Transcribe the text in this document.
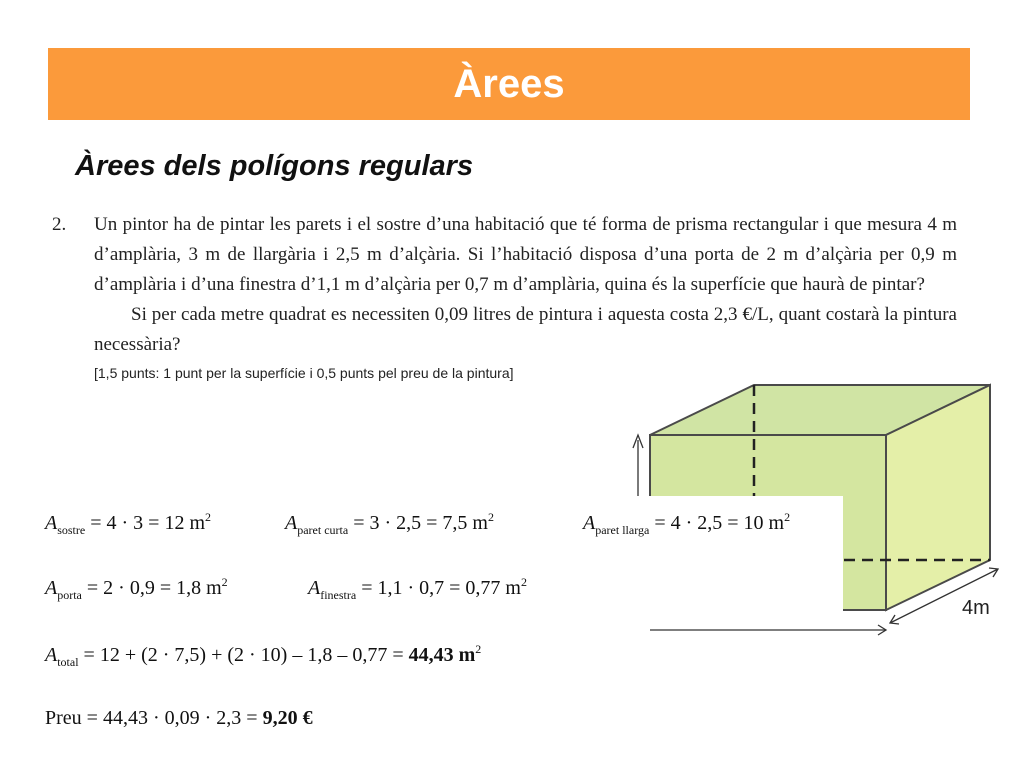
Àrees
Àrees dels polígons regulars
2. Un pintor ha de pintar les parets i el sostre d’una habitació que té forma de prisma rectangular i que mesura 4 m d’amplària, 3 m de llargària i 2,5 m d’alçària. Si l’habitació disposa d’una porta de 2 m d’alçària per 0,9 m d’amplària i d’una finestra d’1,1 m d’alçària per 0,7 m d’amplària, quina és la superfície que haurà de pintar?

Si per cada metre quadrat es necessiten 0,09 litres de pintura i aquesta costa 2,3 €/L, quant costarà la pintura necessària?

[1,5 punts: 1 punt per la superfície i 0,5 punts pel preu de la pintura]

4m
$A_{sostre} = 4 \cdot 3 = 12$ $m^2$	$A_{paret curta} = 3 \cdot 2,5 = 7,5$ $m^2$	$A_{paret llarga} = 4 \cdot 2,5 = 10$ $m^2$
$A_{porta} = 2 \cdot 0,9 = 1,8$ $m^2$	$A_{finestra} = 1,1 \cdot 0,7 = 0,77$ $m^2$
$A_{total} = 12 + (2 \cdot 7,5) + (2 \cdot 10) - 1,8 - 0,77 = 44,43$ $m^2$
Preu = 44,43 · 0,09 · 2,3 = 9,20 €
